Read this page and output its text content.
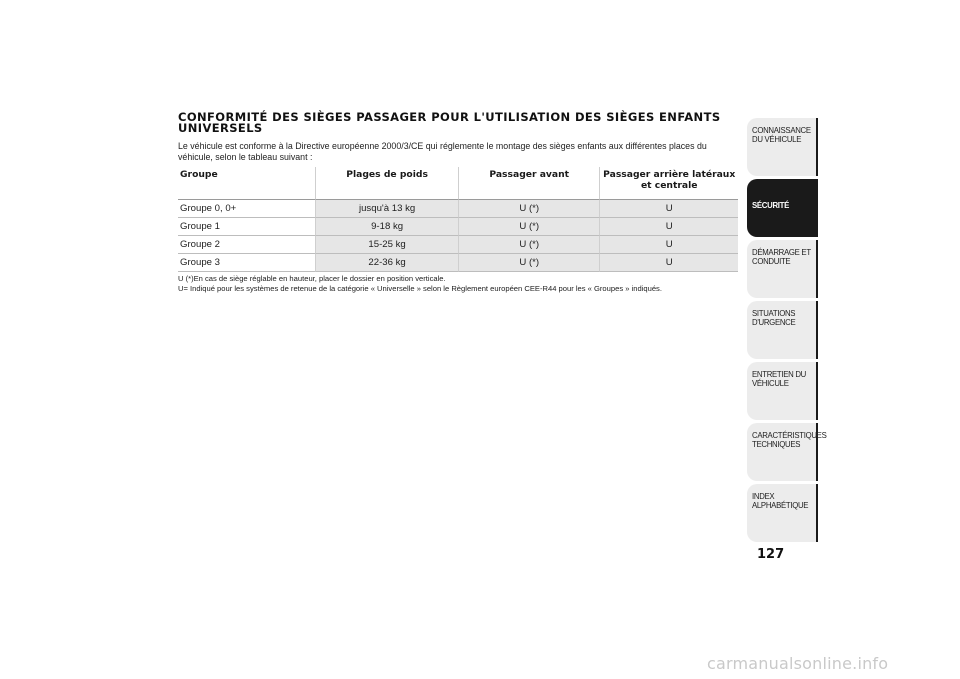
CONFORMITÉ DES SIÈGES PASSAGER POUR L'UTILISATION DES SIÈGES ENFANTS UNIVERSELS

Le véhicule est conforme à la Directive européenne 2000/3/CE qui réglemente le montage des sièges enfants aux différentes places du véhicule, selon le tableau suivant :

Groupe	Plages de poids	Passager avant	Passager arrière latéraux et centrale
Groupe 0, 0+	jusqu'à 13 kg	U (*)	U
Groupe 1	9-18 kg	U (*)	U
Groupe 2	15-25 kg	U (*)	U
Groupe 3	22-36 kg	U (*)	U

U (*)En cas de siège réglable en hauteur, placer le dossier en position verticale.

U= Indiqué pour les systèmes de retenue de la catégorie « Universelle » selon le Règlement européen CEE-R44 pour les « Groupes » indiqués.

CONNAISSANCE DU VÉHICULE
SÉCURITÉ
DÉMARRAGE ET CONDUITE
SITUATIONS D'URGENCE
ENTRETIEN DU VÉHICULE
CARACTÉRISTIQUES TECHNIQUES
INDEX ALPHABÉTIQUE
127
carmanualsonline.info
